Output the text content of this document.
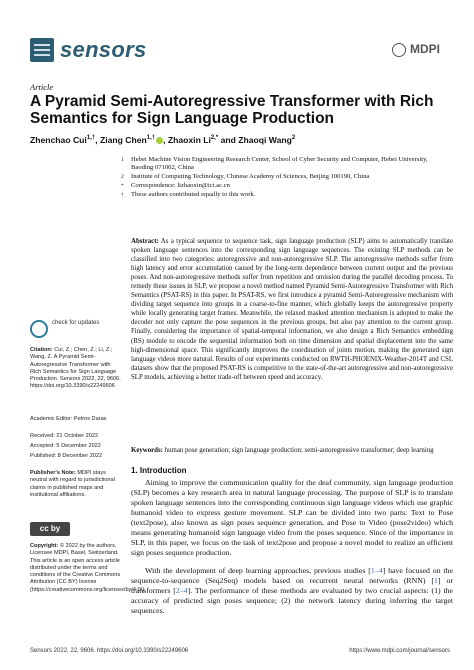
sensors	MDPI
Article
A Pyramid Semi-Autoregressive Transformer with Rich Semantics for Sign Language Production
Zhenchao Cui$^{1,\dagger}$, Ziang Chen$^{1,\dagger}$ , Zhaoxin $Li^{2,*}$ and Zhaoqi Wang$^2$
1 Hebei Machine Vision Engineering Research Center, School of Cyber Security and Computer, Hebei University, Baoding 071002, China
2 Institute of Computing Technology, Chinese Academy of Sciences, Beijing 100190, China
* Correspondence: lizhaoxin@ict.ac.cn
† These authors contributed equally to this work.
Abstract: As a typical sequence to sequence task, sign language production (SLP) aims to automatically translate spoken language sentences into the corresponding sign language sequences. The existing SLP methods can be classified into two categories: autoregressive and non-autoregressive SLP. The autoregressive methods suffer from high latency and error accumulation caused by the long-term dependence between current output and the previous poses. And non-autoregressive methods suffer from repetition and omission during the parallel decoding process. To remedy these issues in SLP, we propose a novel method named Pyramid Semi-Autoregressive Transformer with Rich Semantics (PSAT-RS) in this paper. In PSAT-RS, we first introduce a pyramid Semi-Autoregressive mechanism with dividing target sequence into groups in a coarse-to-fine manner, which globally keeps the autoregressive property while locally generating target frames. Meanwhile, the relaxed masked attention mechanism is adopted to make the decoder not only capture the pose sequences in the previous groups, but also pay attention to the current group. Finally, considering the importance of spatial-temporal information, we also design a Rich Semantics embedding (RS) module to encode the sequential information both on time dimension and spatial displacement into the same high-dimensional space. This significantly improves the coordination of joints motion, making the generated sign language videos more natural. Results of our experiments conducted on RWTH-PHOENIX-Weather-2014T and CSL datasets show that the proposed PSAT-RS is competitive to the state-of-the-art autoregressive and non-autoregressive SLP models, achieving a better trade-off between speed and accuracy.
Keywords: human pose generation; sign language production; semi-autoregressive transformer; deep learning
check for updates
Citation: Cui, Z.; Chen, Z.; Li, Z.; Wang, Z. A Pyramid Semi-Autoregressive Transformer with Rich Semantics for Sign Language Production. Sensors 2022, 22, 9606. https://doi.org/10.3390/s22249606
Academic Editor: Petros Daras
Received: 21 October 2022
Accepted: 5 December 2022
Published: 8 December 2022
Publisher's Note: MDPI stays neutral with regard to jurisdictional claims in published maps and institutional affiliations.
cc by
Copyright: © 2022 by the authors. Licensee MDPI, Basel, Switzerland. This article is an open access article distributed under the terms and conditions of the Creative Commons Attribution (CC BY) license (https://creativecommons.org/licenses/by/4.0/).
1. Introduction
Aiming to improve the communication quality for the deaf community, sign language production (SLP) becomes a key research area in natural language processing. The purpose of SLP is to translate spoken language sentences into the corresponding continuous sign language videos which use graphic humanoid video to express gesture movement. SLP can be divided into two parts: Text to Pose (text2pose), also known as sign poses sequence generation, and Pose to Video (pose2video) which means generating humanoid sign language video from the poses sequence. Since of the importance in SLP, in this paper, we focus on the task of text2pose and propose a novel model to realize an efficient sign poses sequence production.
With the development of deep learning approaches, previous studies [1–4] have focused on the sequence-to-sequence (Seq2Seq) models based on recurrent neural networks (RNN) [1] or transformers [2–4]. The performance of these methods are evaluated by two crucial aspects: (1) the accuracy of predicted sign poses sequence; (2) the network latency during inferring the target sequences.
Sensors 2022, 22, 9606. https://doi.org/10.3390/s22249606	https://www.mdpi.com/journal/sensors
